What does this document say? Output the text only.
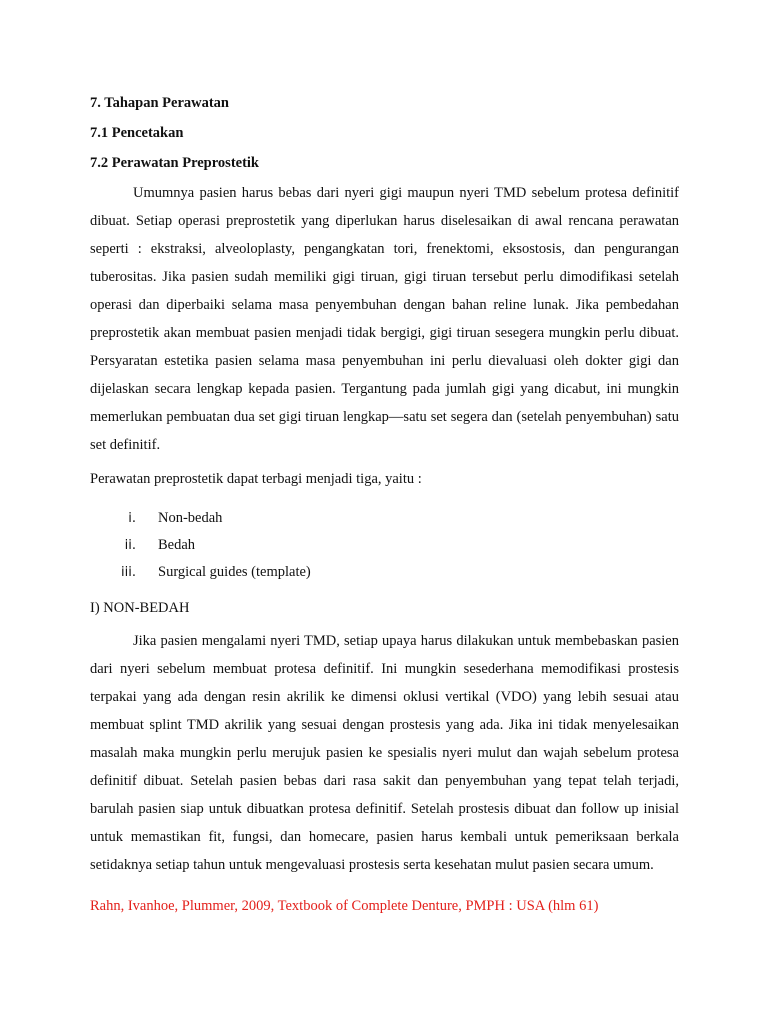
7. Tahapan Perawatan

7.1 Pencetakan

7.2 Perawatan Preprostetik

Umumnya pasien harus bebas dari nyeri gigi maupun nyeri TMD sebelum protesa definitif dibuat. Setiap operasi preprostetik yang diperlukan harus diselesaikan di awal rencana perawatan seperti : ekstraksi, alveoloplasty, pengangkatan tori, frenektomi, eksostosis, dan pengurangan tuberositas. Jika pasien sudah memiliki gigi tiruan, gigi tiruan tersebut perlu dimodifikasi setelah operasi dan diperbaiki selama masa penyembuhan dengan bahan reline lunak. Jika pembedahan preprostetik akan membuat pasien menjadi tidak bergigi, gigi tiruan sesegera mungkin perlu dibuat. Persyaratan estetika pasien selama masa penyembuhan ini perlu dievaluasi oleh dokter gigi dan dijelaskan secara lengkap kepada pasien. Tergantung pada jumlah gigi yang dicabut, ini mungkin memerlukan pembuatan dua set gigi tiruan lengkap—satu set segera dan (setelah penyembuhan) satu set definitif.

Perawatan preprostetik dapat terbagi menjadi tiga, yaitu :

i.	Non-bedah
ii.	Bedah
iii.	Surgical guides (template)

I) NON-BEDAH

Jika pasien mengalami nyeri TMD, setiap upaya harus dilakukan untuk membebaskan pasien dari nyeri sebelum membuat protesa definitif. Ini mungkin sesederhana memodifikasi prostesis terpakai yang ada dengan resin akrilik ke dimensi oklusi vertikal (VDO) yang lebih sesuai atau membuat splint TMD akrilik yang sesuai dengan prostesis yang ada. Jika ini tidak menyelesaikan masalah maka mungkin perlu merujuk pasien ke spesialis nyeri mulut dan wajah sebelum protesa definitif dibuat. Setelah pasien bebas dari rasa sakit dan penyembuhan yang tepat telah terjadi, barulah pasien siap untuk dibuatkan protesa definitif. Setelah prostesis dibuat dan follow up inisial untuk memastikan fit, fungsi, dan homecare, pasien harus kembali untuk pemeriksaan berkala setidaknya setiap tahun untuk mengevaluasi prostesis serta kesehatan mulut pasien secara umum.

Rahn, Ivanhoe, Plummer, 2009, Textbook of Complete Denture, PMPH : USA (hlm 61)
